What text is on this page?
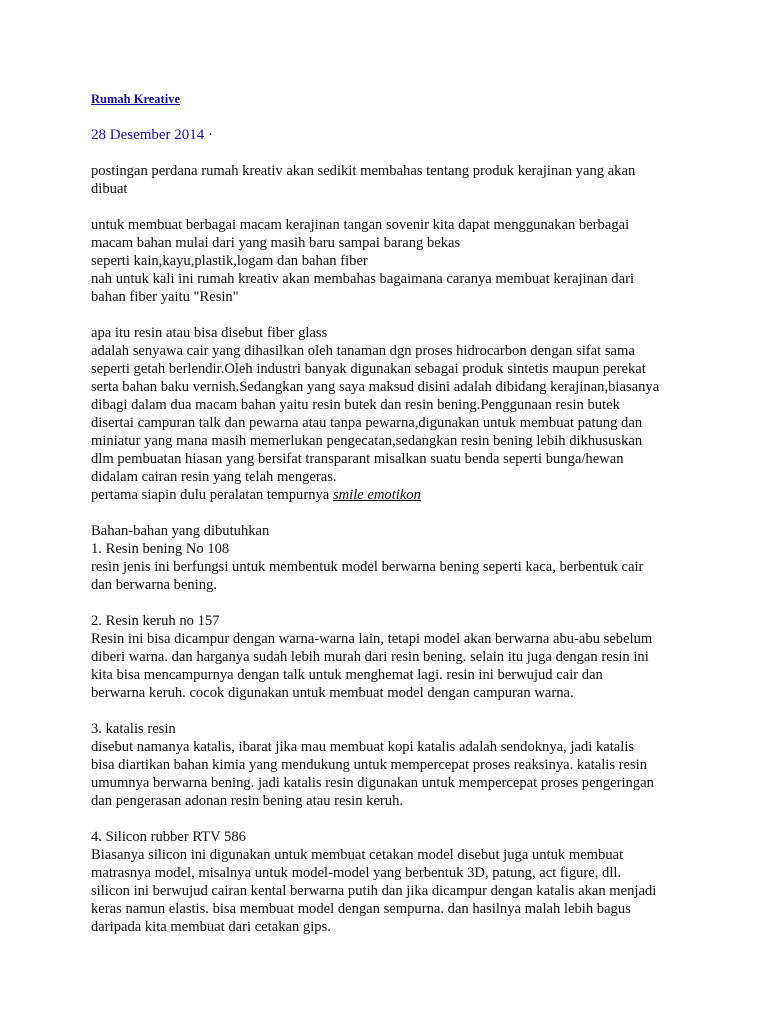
Rumah Kreative
28 Desember 2014 ·
postingan perdana rumah kreativ akan sedikit membahas tentang produk kerajinan yang akan
dibuat
untuk membuat berbagai macam kerajinan tangan sovenir kita dapat menggunakan berbagai
macam bahan mulai dari yang masih baru sampai barang bekas
seperti kain,kayu,plastik,logam dan bahan fiber
nah untuk kali ini rumah kreativ akan membahas bagaimana caranya membuat kerajinan dari
bahan fiber yaitu "Resin"
apa itu resin atau bisa disebut fiber glass
adalah senyawa cair yang dihasilkan oleh tanaman dgn proses hidrocarbon dengan sifat sama
seperti getah berlendir.Oleh industri banyak digunakan sebagai produk sintetis maupun perekat
serta bahan baku vernish.Sedangkan yang saya maksud disini adalah dibidang kerajinan,biasanya
dibagi dalam dua macam bahan yaitu resin butek dan resin bening.Penggunaan resin butek
disertai campuran talk dan pewarna atau tanpa pewarna,digunakan untuk membuat patung dan
miniatur yang mana masih memerlukan pengecatan,sedangkan resin bening lebih dikhususkan
dlm pembuatan hiasan yang bersifat transparant misalkan suatu benda seperti bunga/hewan
didalam cairan resin yang telah mengeras.
pertama siapin dulu peralatan tempurnya smile emotikon
Bahan-bahan yang dibutuhkan
1. Resin bening No 108
resin jenis ini berfungsi untuk membentuk model berwarna bening seperti kaca, berbentuk cair
dan berwarna bening.
2. Resin keruh no 157
Resin ini bisa dicampur dengan warna-warna lain, tetapi model akan berwarna abu-abu sebelum
diberi warna. dan harganya sudah lebih murah dari resin bening. selain itu juga dengan resin ini
kita bisa mencampurnya dengan talk untuk menghemat lagi. resin ini berwujud cair dan
berwarna keruh. cocok digunakan untuk membuat model dengan campuran warna.
3. katalis resin
disebut namanya katalis, ibarat jika mau membuat kopi katalis adalah sendoknya, jadi katalis
bisa diartikan bahan kimia yang mendukung untuk mempercepat proses reaksinya. katalis resin
umumnya berwarna bening. jadi katalis resin digunakan untuk mempercepat proses pengeringan
dan pengerasan adonan resin bening atau resin keruh.
4. Silicon rubber RTV 586
Biasanya silicon ini digunakan untuk membuat cetakan model disebut juga untuk membuat
matrasnya model, misalnya untuk model-model yang berbentuk 3D, patung, act figure, dll.
silicon ini berwujud cairan kental berwarna putih dan jika dicampur dengan katalis akan menjadi
keras namun elastis. bisa membuat model dengan sempurna. dan hasilnya malah lebih bagus
daripada kita membuat dari cetakan gips.
